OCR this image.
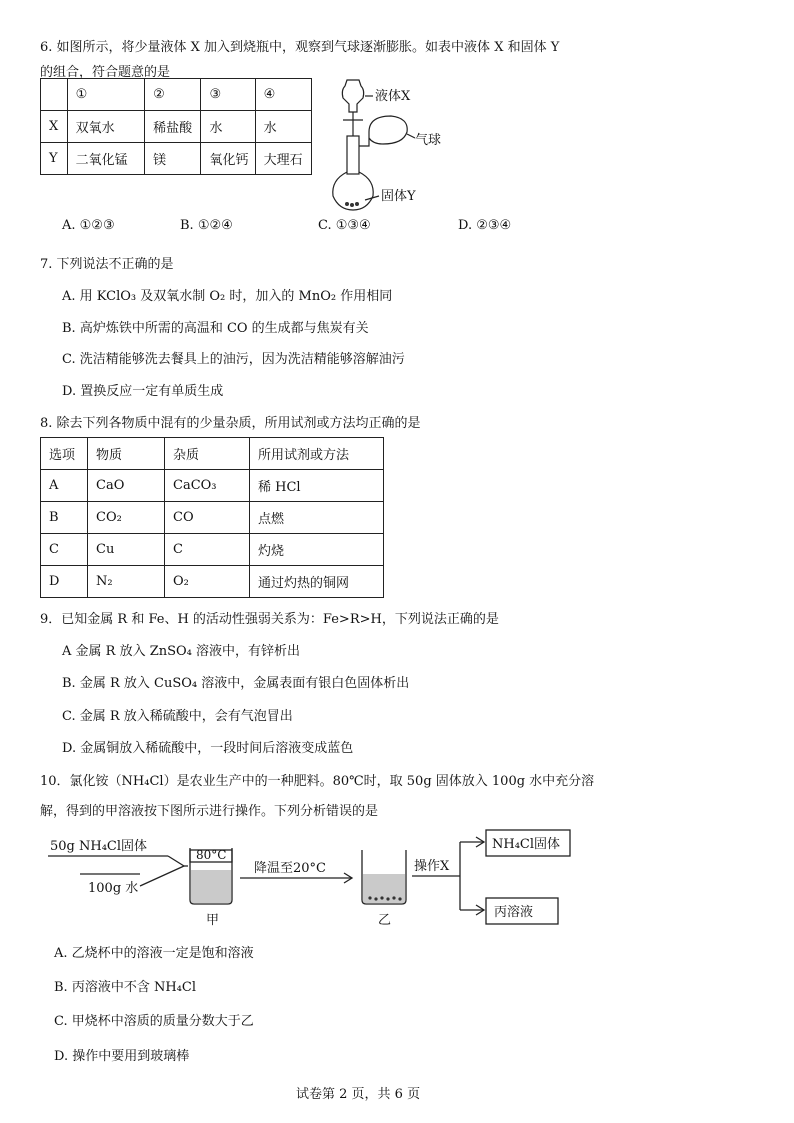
6. 如图所示，将少量液体 X 加入到烧瓶中，观察到气球逐渐膨胀。如表中液体 X 和固体 Y
的组合，符合题意的是
	①	②	③	④
X	双氧水	稀盐酸	水	水
Y	二氧化锰	镁	氧化钙	大理石
液体X
气球
固体Y
A. ①②③	B. ①②④	C. ①③④	D. ②③④
7. 下列说法不正确的是
A. 用 KClO₃ 及双氧水制 O₂ 时，加入的 MnO₂ 作用相同
B. 高炉炼铁中所需的高温和 CO 的生成都与焦炭有关
C. 洗洁精能够洗去餐具上的油污，因为洗洁精能够溶解油污
D. 置换反应一定有单质生成
8. 除去下列各物质中混有的少量杂质，所用试剂或方法均正确的是
选项	物质	杂质	所用试剂或方法
A	CaO	CaCO₃	稀 HCl
B	CO₂	CO	点燃
C	Cu	C	灼烧
D	N₂	O₂	通过灼热的铜网
9．已知金属 R 和 Fe、H 的活动性强弱关系为：Fe>R>H，下列说法正确的是
A 金属 R 放入 ZnSO₄ 溶液中，有锌析出
B. 金属 R 放入 CuSO₄ 溶液中，金属表面有银白色固体析出
C. 金属 R 放入稀硫酸中，会有气泡冒出
D. 金属铜放入稀硫酸中，一段时间后溶液变成蓝色
10．氯化铵（NH₄Cl）是农业生产中的一种肥料。80℃时，取 50g 固体放入 100g 水中充分溶
解，得到的甲溶液按下图所示进行操作。下列分析错误的是
50g NH₄Cl固体
100g 水
80°C
降温至20°C
甲	乙
操作X
NH₄Cl固体
丙溶液
A. 乙烧杯中的溶液一定是饱和溶液
B. 丙溶液中不含 NH₄Cl
C. 甲烧杯中溶质的质量分数大于乙
D. 操作中要用到玻璃棒
试卷第 2 页，共 6 页
